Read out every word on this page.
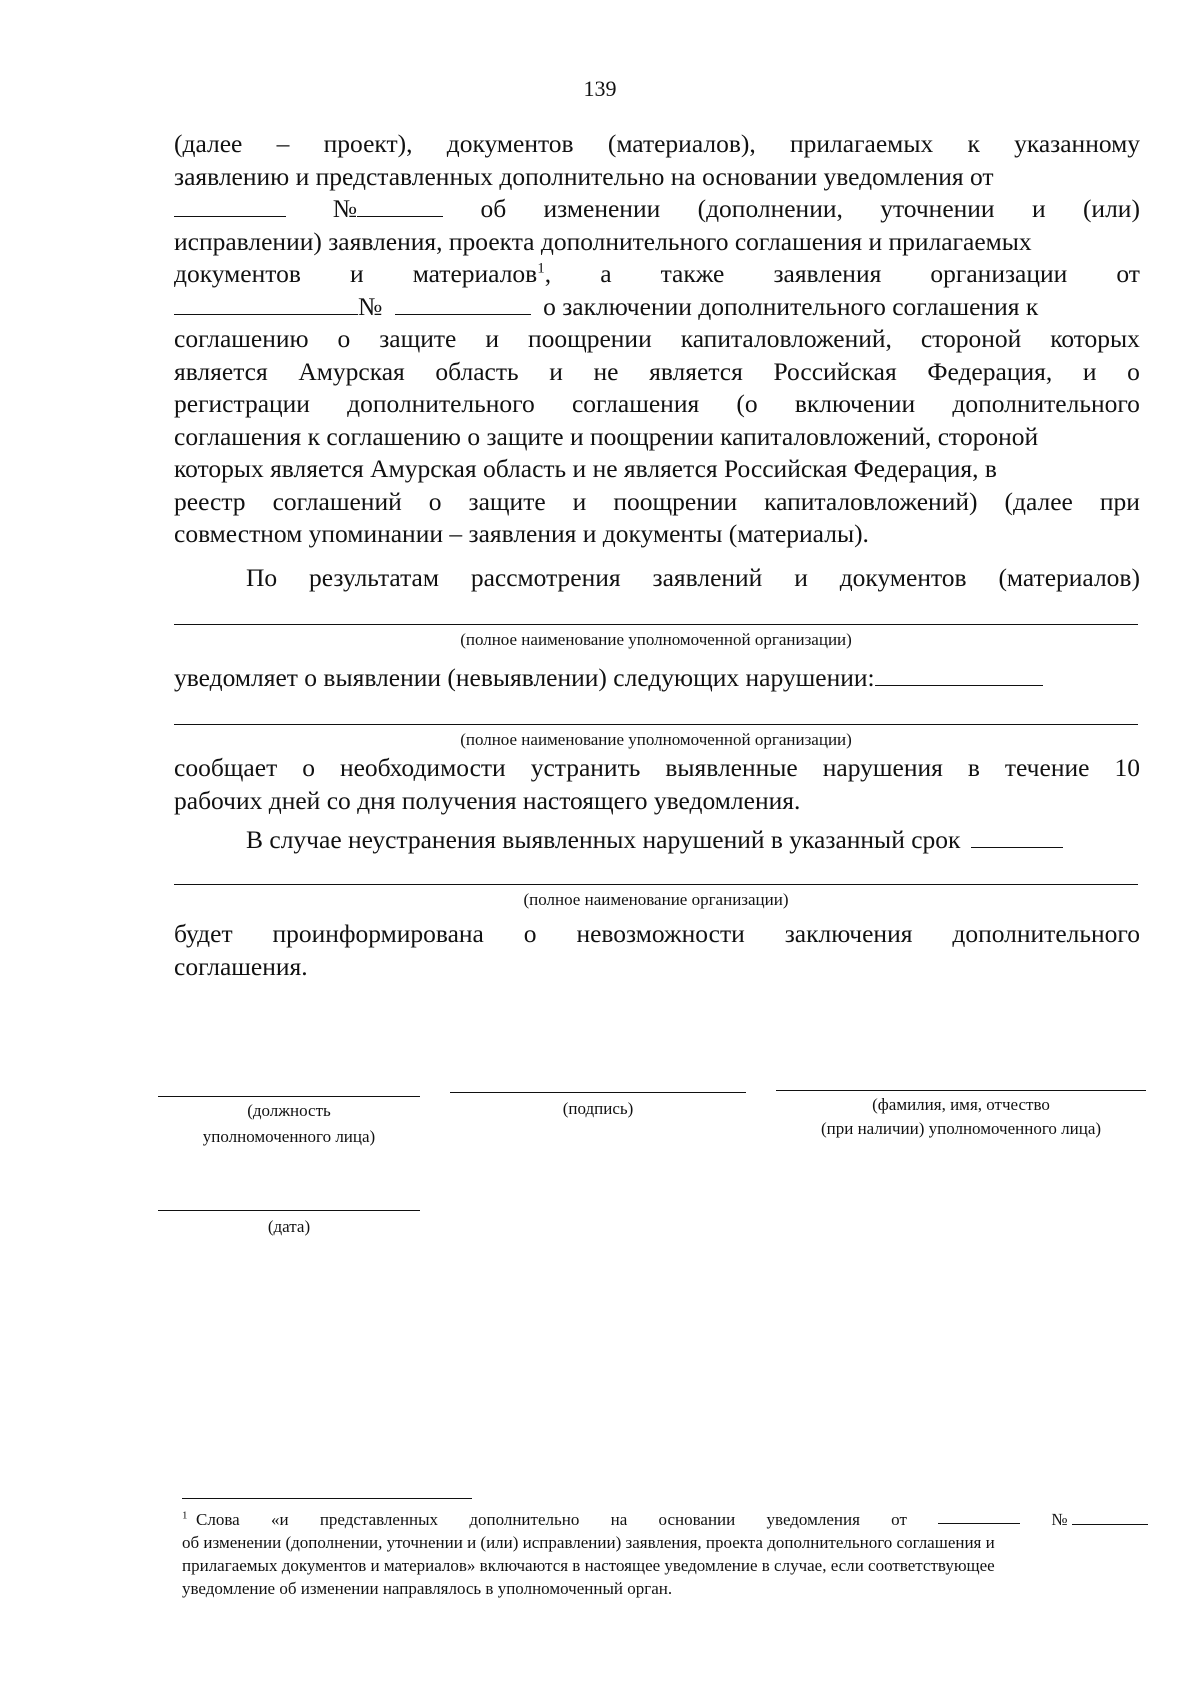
139
(далее – проект), документов (материалов), прилагаемых к указанному
заявлению и представленных дополнительно на основании уведомления от
№	об изменении (дополнении, уточнении и (или)
исправлении) заявления, проекта дополнительного соглашения и прилагаемых
документов и материалов$^1$, а также заявления организации от
№	о заключении дополнительного соглашения к
соглашению о защите и поощрении капиталовложений, стороной которых
является Амурская область и не является Российская Федерация, и о
регистрации дополнительного соглашения (о включении дополнительного
соглашения к соглашению о защите и поощрении капиталовложений, стороной
которых является Амурская область и не является Российская Федерация, в
реестр соглашений о защите и поощрении капиталовложений) (далее при
совместном упоминании – заявления и документы (материалы).
По результатам рассмотрения заявлений и документов (материалов)
(полное наименование уполномоченной организации)
уведомляет о выявлении (невыявлении) следующих нарушении:
(полное наименование уполномоченной организации)
сообщает о необходимости устранить выявленные нарушения в течение 10
рабочих дней со дня получения настоящего уведомления.
В случае неустранения выявленных нарушений в указанный срок
(полное наименование организации)
будет проинформирована о невозможности заключения дополнительного
соглашения.
(должность
уполномоченного лица)
(подпись)	(фамилия, имя, отчество
(при наличии) уполномоченного лица)
(дата)
$^1$ Слова «и представленных дополнительно на основании уведомления от	№
об изменении (дополнении, уточнении и (или) исправлении) заявления, проекта дополнительного соглашения и
прилагаемых документов и материалов» включаются в настоящее уведомление в случае, если соответствующее
уведомление об изменении направлялось в уполномоченный орган.
